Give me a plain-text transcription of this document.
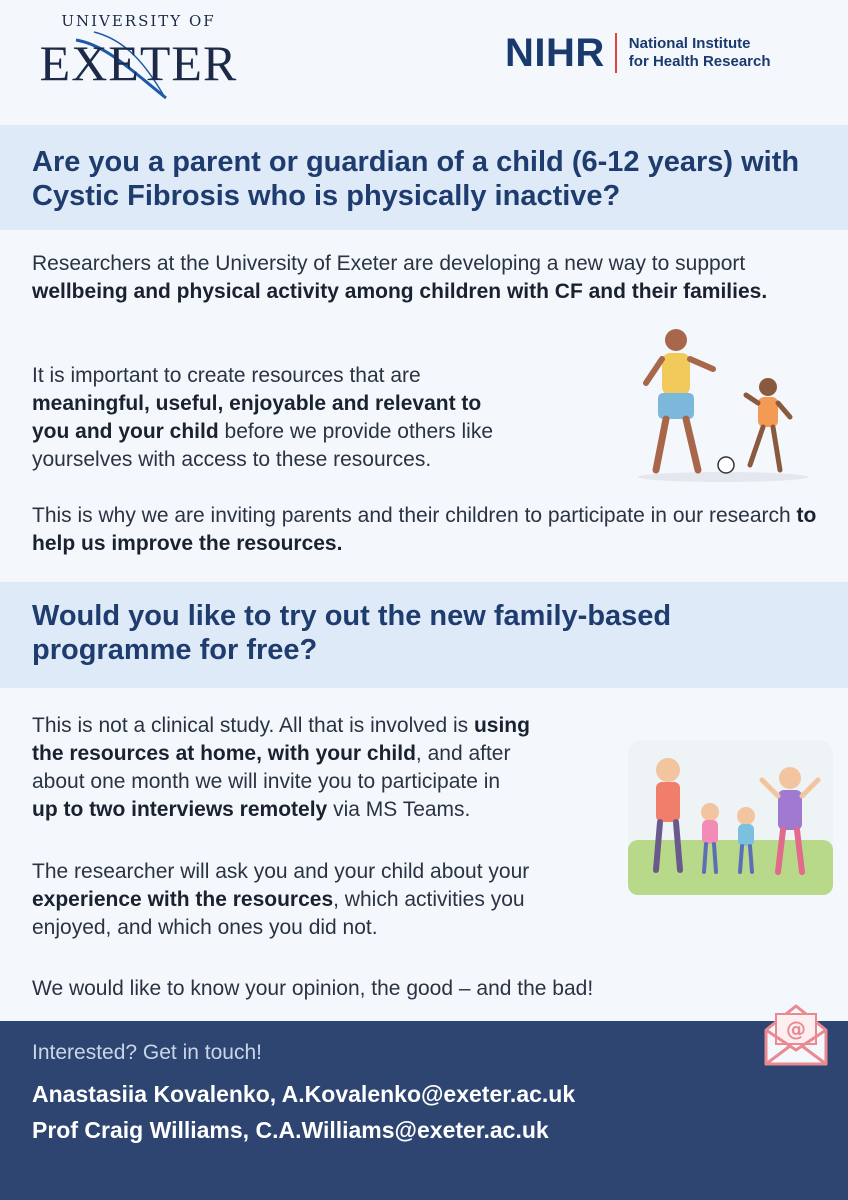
UNIVERSITY OF
EXETER	NIHR National Institute
for Health Research
Are you a parent or guardian of a child (6-12 years) with Cystic Fibrosis who is physically inactive?

Researchers at the University of Exeter are developing a new way to support wellbeing and physical activity among children with CF and their families.

It is important to create resources that are
meaningful, useful, enjoyable and relevant to
you and your child before we provide others like
yourselves with access to these resources.

This is why we are inviting parents and their children to participate in our research to help us improve the resources.

Would you like to try out the new family-based programme for free?

This is not a clinical study. All that is involved is using
the resources at home, with your child, and after
about one month we will invite you to participate in
up to two interviews remotely via MS Teams.

The researcher will ask you and your child about your
experience with the resources, which activities you
enjoyed, and which ones you did not.

We would like to know your opinion, the good – and the bad!

Interested? Get in touch!

Anastasiia Kovalenko, A.Kovalenko@exeter.ac.uk

Prof Craig Williams, C.A.Williams@exeter.ac.uk

@
